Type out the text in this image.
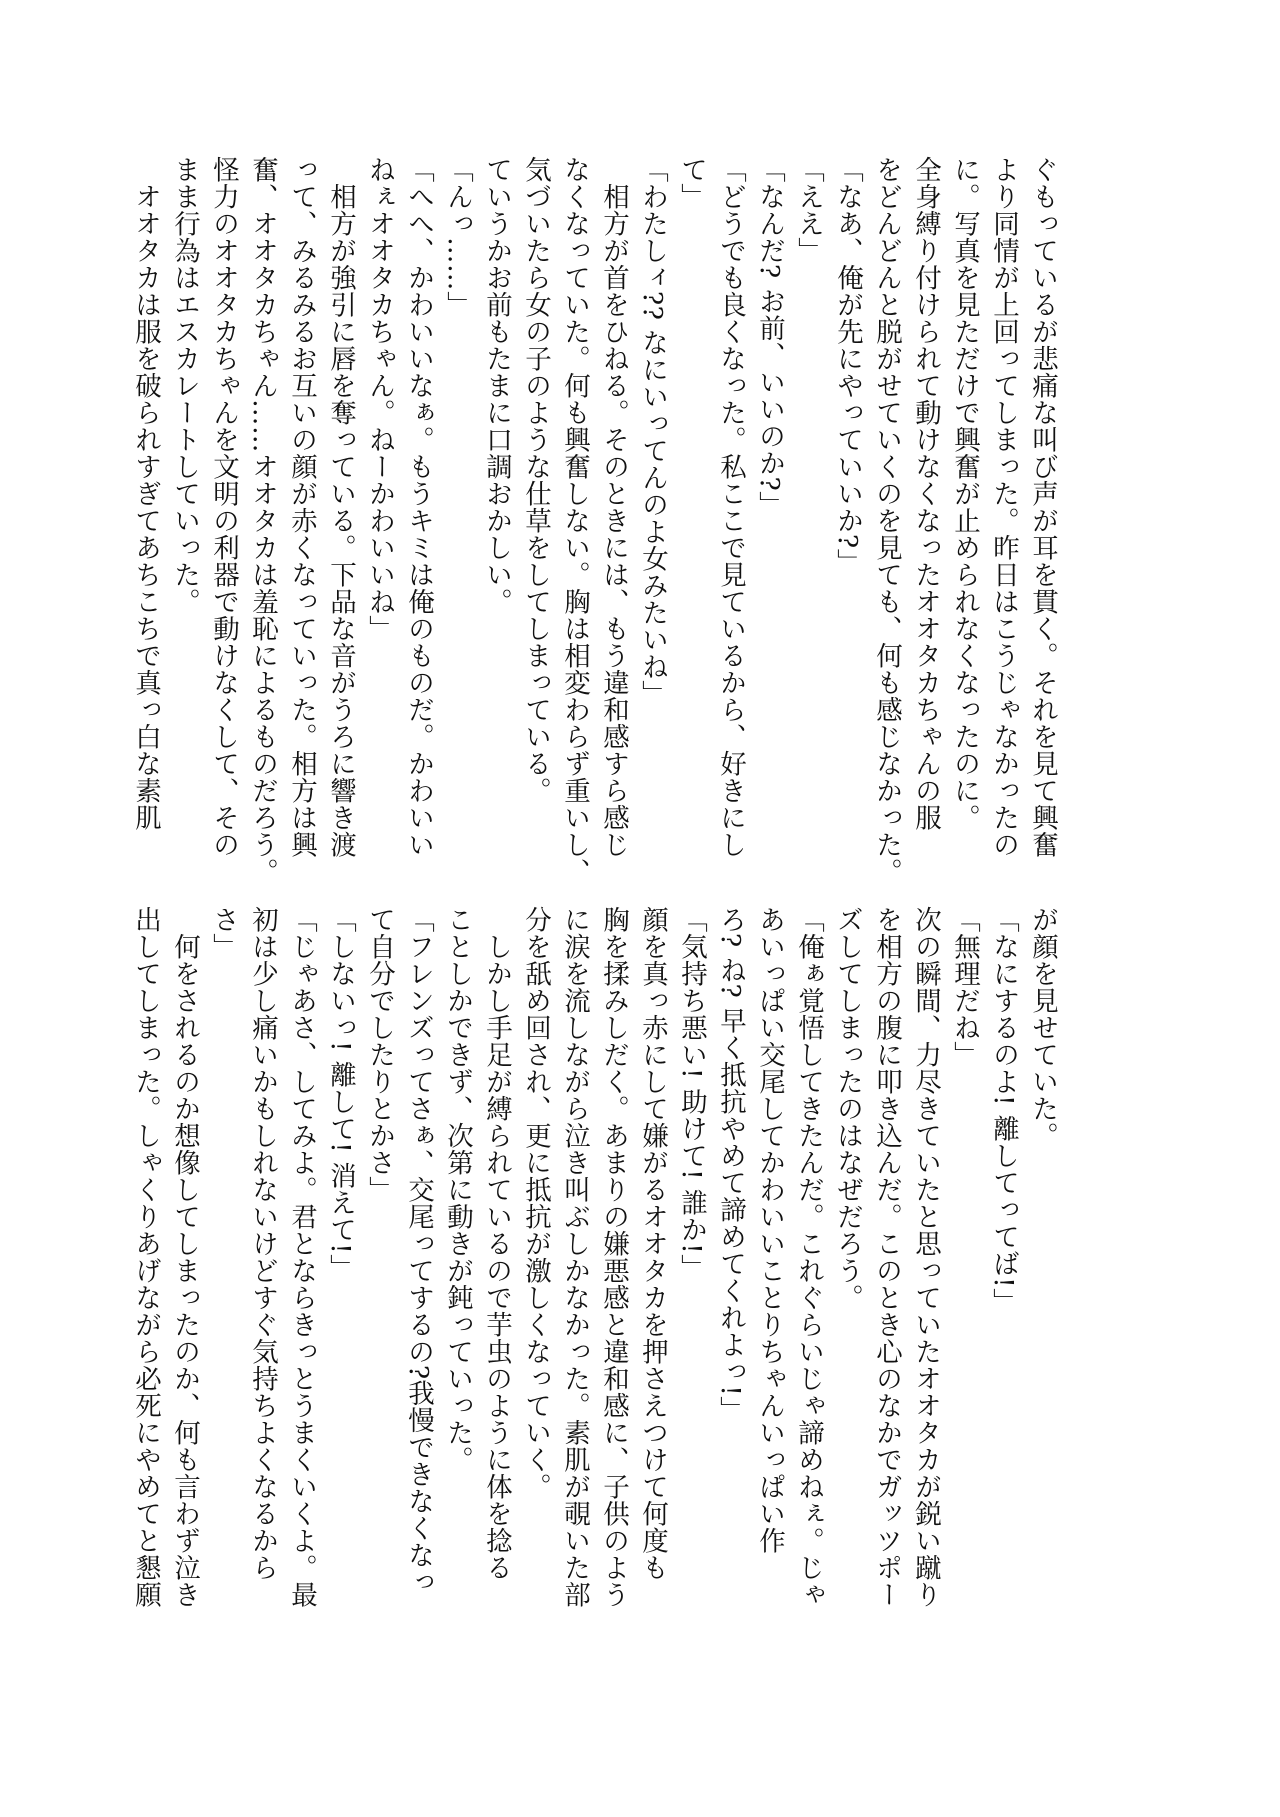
ぐもっているが悲痛な叫び声が耳を貫く。それを見て興奮
より同情が上回ってしまった。昨日はこうじゃなかったの
に。写真を見ただけで興奮が止められなくなったのに。
全身縛り付けられて動けなくなったオオタカちゃんの服
をどんどんと脱がせていくのを見ても、何も感じなかった。
「なあ、俺が先にやっていいか?」
「ええ」
「なんだ? お前、いいのか?」
「どうでも良くなった。私ここで見ているから、好きにし
て」
「わたしィ?? なにいってんのよ女みたいね」
　相方が首をひねる。そのときには、もう違和感すら感じ
なくなっていた。何も興奮しない。胸は相変わらず重いし、
気づいたら女の子のような仕草をしてしまっている。
ていうかお前もたまに口調おかしい。
「んっ……」
「へへ、かわいいなぁ。もうキミは俺のものだ。かわいい
ねぇオオタカちゃん。ねーかわいいね」
　相方が強引に唇を奪っている。下品な音がうろに響き渡
って、みるみるお互いの顔が赤くなっていった。相方は興
奮、オオタカちゃん……オオタカは羞恥によるものだろう。
怪力のオオタカちゃんを文明の利器で動けなくして、その
まま行為はエスカレートしていった。
　オオタカは服を破られすぎてあちこちで真っ白な素肌
が顔を見せていた。
「なにするのよ! 離してってば!」
「無理だね」
次の瞬間、力尽きていたと思っていたオオタカが鋭い蹴り
を相方の腹に叩き込んだ。このとき心のなかでガッツポー
ズしてしまったのはなぜだろう。
「俺ぁ覚悟してきたんだ。これぐらいじゃ諦めねぇ。じゃ
あいっぱい交尾してかわいいことりちゃんいっぱい作
ろ? ね? 早く抵抗やめて諦めてくれよっ!」
「気持ち悪い! 助けて! 誰か!」
顔を真っ赤にして嫌がるオオタカを押さえつけて何度も
胸を揉みしだく。あまりの嫌悪感と違和感に、子供のよう
に涙を流しながら泣き叫ぶしかなかった。素肌が覗いた部
分を舐め回され、更に抵抗が激しくなっていく。
　しかし手足が縛られているので芋虫のように体を捻る
ことしかできず、次第に動きが鈍っていった。
「フレンズってさぁ、交尾ってするの?我慢できなくなっ
て自分でしたりとかさ」
「しないっ! 離して! 消えて!」
「じゃあさ、してみよ。君とならきっとうまくいくよ。最
初は少し痛いかもしれないけどすぐ気持ちよくなるから
さ」
　何をされるのか想像してしまったのか、何も言わず泣き
出してしまった。しゃくりあげながら必死にやめてと懇願
